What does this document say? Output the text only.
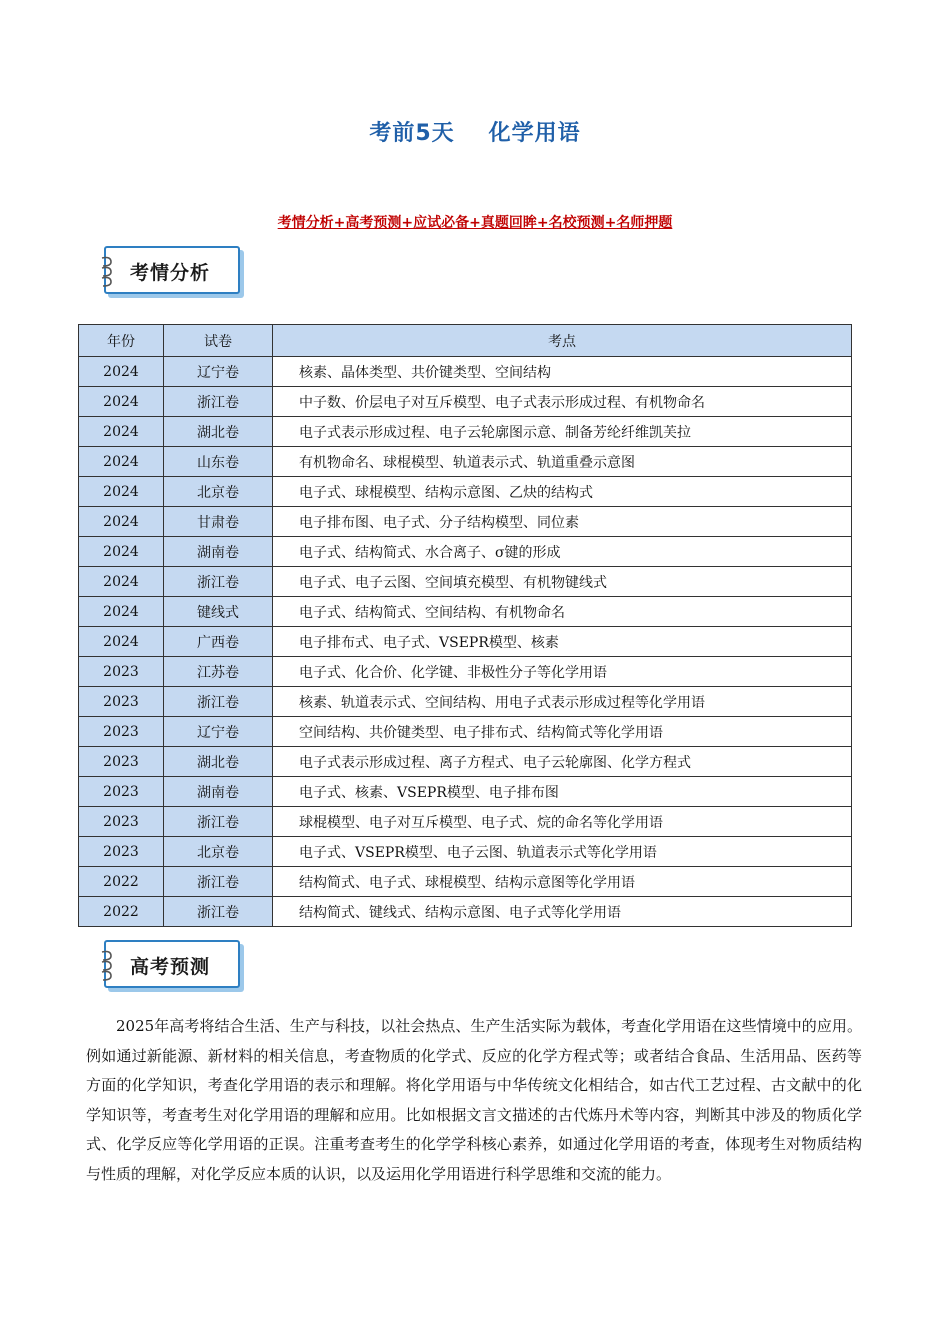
考前5天 化学用语
考情分析+高考预测+应试必备+真题回眸+名校预测+名师押题
考情分析
年份	试卷	考点
2024	辽宁卷	核素、晶体类型、共价键类型、空间结构
2024	浙江卷	中子数、价层电子对互斥模型、电子式表示形成过程、有机物命名
2024	湖北卷	电子式表示形成过程、电子云轮廓图示意、制备芳纶纤维凯芙拉
2024	山东卷	有机物命名、球棍模型、轨道表示式、轨道重叠示意图
2024	北京卷	电子式、球棍模型、结构示意图、乙炔的结构式
2024	甘肃卷	电子排布图、电子式、分子结构模型、同位素
2024	湖南卷	电子式、结构简式、水合离子、σ键的形成
2024	浙江卷	电子式、电子云图、空间填充模型、有机物键线式
2024	键线式	电子式、结构简式、空间结构、有机物命名
2024	广西卷	电子排布式、电子式、VSEPR模型、核素
2023	江苏卷	电子式、化合价、化学键、非极性分子等化学用语
2023	浙江卷	核素、轨道表示式、空间结构、用电子式表示形成过程等化学用语
2023	辽宁卷	空间结构、共价键类型、电子排布式、结构简式等化学用语
2023	湖北卷	电子式表示形成过程、离子方程式、电子云轮廓图、化学方程式
2023	湖南卷	电子式、核素、VSEPR模型、电子排布图
2023	浙江卷	球棍模型、电子对互斥模型、电子式、烷的命名等化学用语
2023	北京卷	电子式、VSEPR模型、电子云图、轨道表示式等化学用语
2022	浙江卷	结构简式、电子式、球棍模型、结构示意图等化学用语
2022	浙江卷	结构简式、键线式、结构示意图、电子式等化学用语
高考预测

2025年高考将结合生活、生产与科技，以社会热点、生产生活实际为载体，考查化学用语在这些情境中的应用。例如通过新能源、新材料的相关信息，考查物质的化学式、反应的化学方程式等；或者结合食品、生活用品、医药等方面的化学知识，考查化学用语的表示和理解。将化学用语与中华传统文化相结合，如古代工艺过程、古文献中的化学知识等，考查考生对化学用语的理解和应用。比如根据文言文描述的古代炼丹术等内容，判断其中涉及的物质化学式、化学反应等化学用语的正误。注重考查考生的化学学科核心素养，如通过化学用语的考查，体现考生对物质结构与性质的理解，对化学反应本质的认识，以及运用化学用语进行科学思维和交流的能力。
